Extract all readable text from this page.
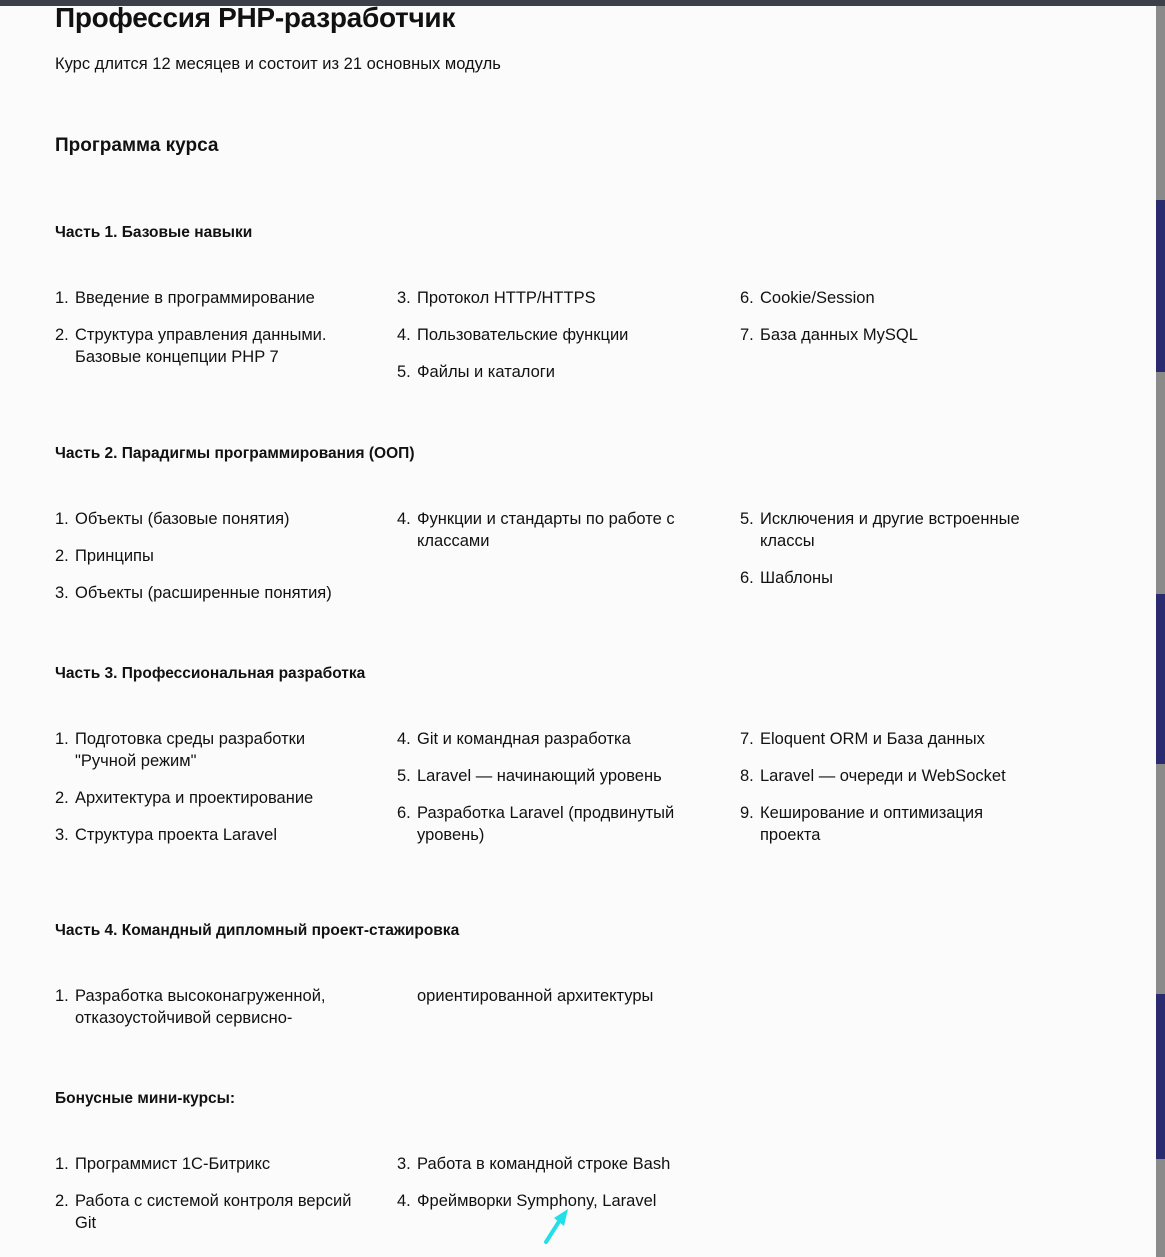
Профессия PHP-разработчик
Курс длится 12 месяцев и состоит из 21 основных модуль
Программа курса
Часть 1. Базовые навыки
1. Введение в программирование
2. Структура управления данными. Базовые концепции PHP 7
3. Протокол HTTP/HTTPS
4. Пользовательские функции
5. Файлы и каталоги
6. Cookie/Session
7. База данных MySQL
Часть 2. Парадигмы программирования (ООП)
1. Объекты (базовые понятия)
2. Принципы
3. Объекты (расширенные понятия)
4. Функции и стандарты по работе с классами
5. Исключения и другие встроенные классы
6. Шаблоны
Часть 3. Профессиональная разработка
1. Подготовка среды разработки "Ручной режим"
2. Архитектура и проектирование
3. Структура проекта Laravel
4. Git и командная разработка
5. Laravel — начинающий уровень
6. Разработка Laravel (продвинутый уровень)
7. Eloquent ORM и База данных
8. Laravel — очереди и WebSocket
9. Кеширование и оптимизация проекта
Часть 4. Командный дипломный проект-стажировка
1. Разработка высоконагруженной, отказоустойчивой сервисно-
ориентированной архитектуры
Бонусные мини-курсы:
1. Программист 1С-Битрикс
2. Работа с системой контроля версий Git
3. Работа в командной строке Bash
4. Фреймворки Symphony, Laravel
